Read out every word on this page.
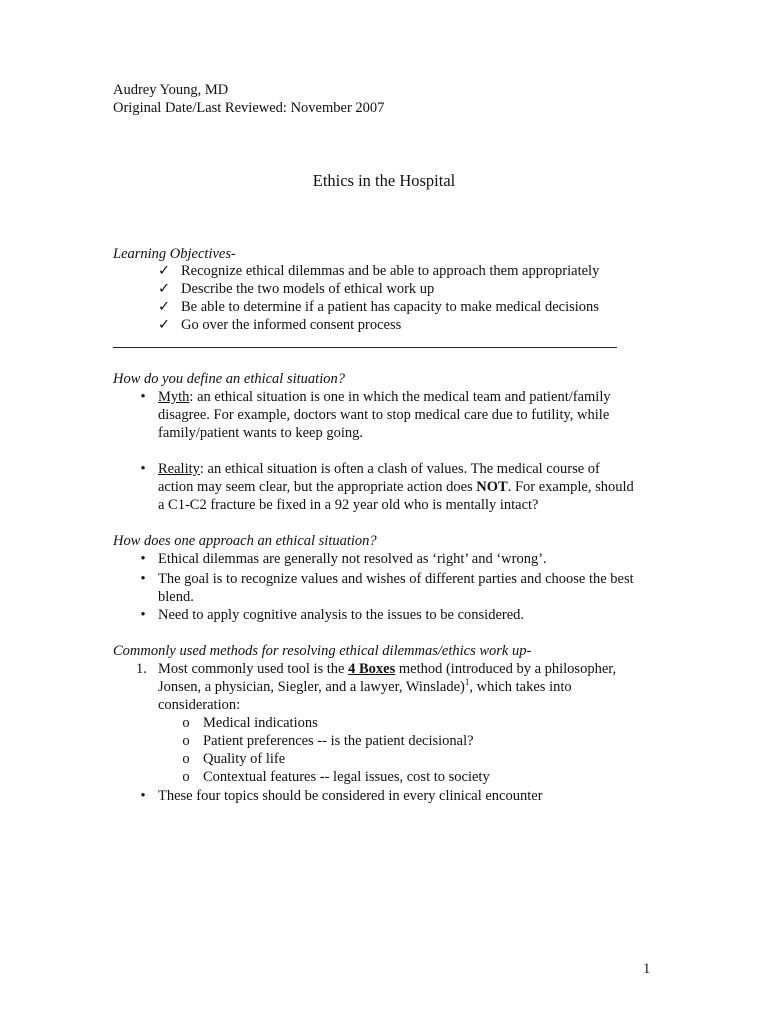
Audrey Young, MD
Original Date/Last Reviewed: November 2007
Ethics in the Hospital
Learning Objectives-
✓ Recognize ethical dilemmas and be able to approach them appropriately
✓ Describe the two models of ethical work up
✓ Be able to determine if a patient has capacity to make medical decisions
✓ Go over the informed consent process
How do you define an ethical situation?
• Myth: an ethical situation is one in which the medical team and patient/family
disagree. For example, doctors want to stop medical care due to futility, while
family/patient wants to keep going.
• Reality: an ethical situation is often a clash of values. The medical course of
action may seem clear, but the appropriate action does NOT. For example, should
a C1-C2 fracture be fixed in a 92 year old who is mentally intact?
How does one approach an ethical situation?
• Ethical dilemmas are generally not resolved as ‘right’ and ‘wrong’.
• The goal is to recognize values and wishes of different parties and choose the best
blend.
• Need to apply cognitive analysis to the issues to be considered.
Commonly used methods for resolving ethical dilemmas/ethics work up-
1. Most commonly used tool is the 4 Boxes method (introduced by a philosopher,
Jonsen, a physician, Siegler, and a lawyer, Winslade)$^1$, which takes into
consideration:
o Medical indications
o Patient preferences -- is the patient decisional?
o Quality of life
o Contextual features -- legal issues, cost to society
• These four topics should be considered in every clinical encounter
1
